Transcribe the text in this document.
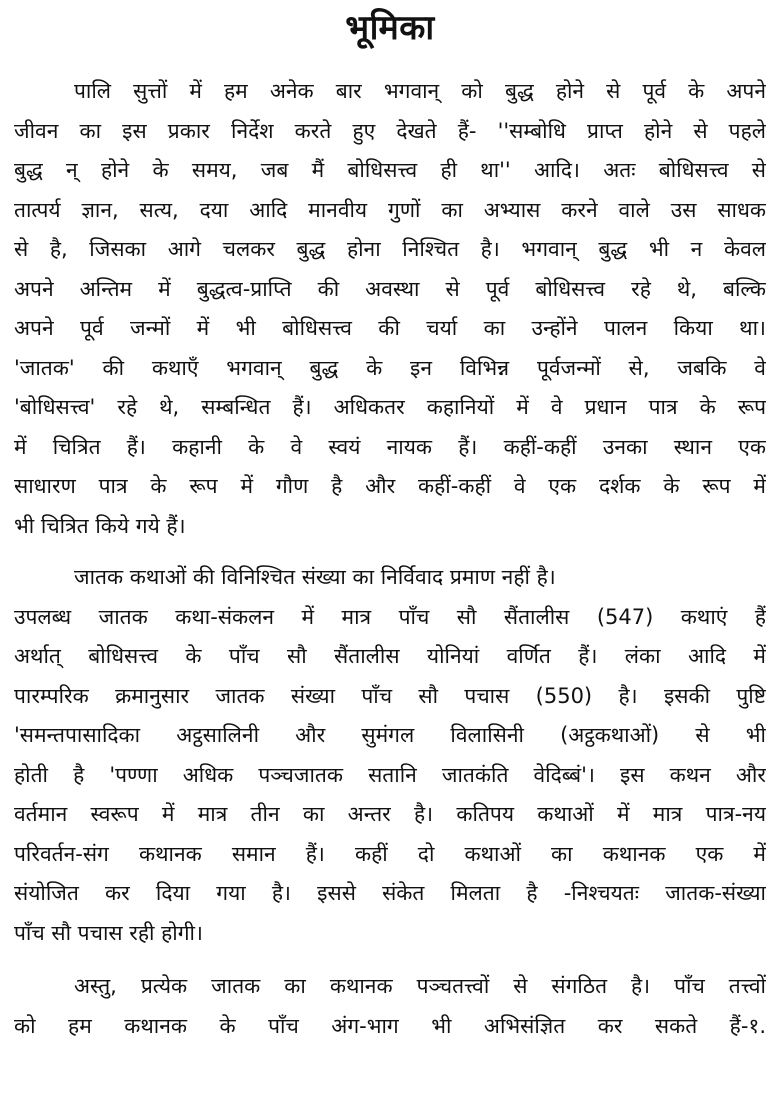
भूमिका
पालि सुत्तों में हम अनेक बार भगवान् को बुद्ध होने से पूर्व के अपने
जीवन का इस प्रकार निर्देश करते हुए देखते हैं- ''सम्बोधि प्राप्त होने से पहले
बुद्ध न् होने के समय, जब मैं बोधिसत्त्व ही था'' आदि। अतः बोधिसत्त्व से
तात्पर्य ज्ञान, सत्य, दया आदि मानवीय गुणों का अभ्यास करने वाले उस साधक
से है, जिसका आगे चलकर बुद्ध होना निश्चित है। भगवान् बुद्ध भी न केवल
अपने अन्तिम में बुद्धत्व-प्राप्ति की अवस्था से पूर्व बोधिसत्त्व रहे थे, बल्कि
अपने पूर्व जन्मों में भी बोधिसत्त्व की चर्या का उन्होंने पालन किया था।
'जातक' की कथाएँ भगवान् बुद्ध के इन विभिन्न पूर्वजन्मों से, जबकि वे
'बोधिसत्त्व' रहे थे, सम्बन्धित हैं। अधिकतर कहानियों में वे प्रधान पात्र के रूप
में चित्रित हैं। कहानी के वे स्वयं नायक हैं। कहीं-कहीं उनका स्थान एक
साधारण पात्र के रूप में गौण है और कहीं-कहीं वे एक दर्शक के रूप में
भी चित्रित किये गये हैं।
जातक कथाओं की विनिश्चित संख्या का निर्विवाद प्रमाण नहीं है।
उपलब्ध जातक कथा-संकलन में मात्र पाँच सौ सैंतालीस (547) कथाएं हैं
अर्थात् बोधिसत्त्व के पाँच सौ सैंतालीस योनियां वर्णित हैं। लंका आदि में
पारम्परिक क्रमानुसार जातक संख्या पाँच सौ पचास (550) है। इसकी पुष्टि
'समन्तपासादिका अट्ठसालिनी और सुमंगल विलासिनी (अट्ठकथाओं) से भी
होती है 'पण्णा अधिक पञ्चजातक सतानि जातकंति वेदिब्बं'। इस कथन और
वर्तमान स्वरूप में मात्र तीन का अन्तर है। कतिपय कथाओं में मात्र पात्र-नय
परिवर्तन-संग कथानक समान हैं। कहीं दो कथाओं का कथानक एक में
संयोजित कर दिया गया है। इससे संकेत मिलता है -निश्चयतः जातक-संख्या
पाँच सौ पचास रही होगी।
अस्तु, प्रत्येक जातक का कथानक पञ्चतत्त्वों से संगठित है। पाँच तत्त्वों
को हम कथानक के पाँच अंग-भाग भी अभिसंज्ञित कर सकते हैं-१.
